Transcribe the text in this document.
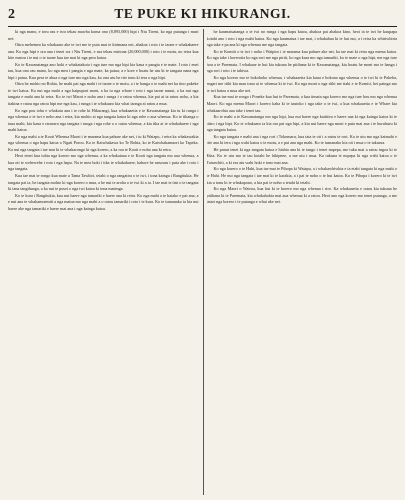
2	TE PUKE KI HIKURANGI.

ki nga mano, e toru rau e iwa tekau mawha koma ono (8,893,000) hipi i Niu Tireni, ko nga putanga i muri nei:

Otira mehemea ka whakaaro ake te iwi me te puta mai te kirimana nei, ahakoa i roto i te taone e whakahaere ana. Ko nga hipi e ora ana i tenei wa i Niu Tireni, e rua tekau miriona (20,000,000) i roto i te motu, no reira kua kite matou i te nui o te taone kua tae mai ki nga pera katoa.

Ko te Kawanatanga ano hoki e whakatakoto i nga ture mo nga hipi kia kaua e pangia e te mate. I roto i enei tau, kua ono rau mano, ko nga mea i pangia e nga mate, ka patua; a e kore e hoatu he utu ki te tangata nana nga hipi i patua. Kua pera te ahua o nga ture mo nga kau, ko ona utu he rite tonu ki tera o nga hipi.

Otira he mohio no Rohia, he mahi pai nga mahi i te taone o te motu, a i te hanga o te mahi nei ka tino pakeke te iwi katoa. Ka nui nga mahi a nga kaipupuri moni, a ka tu nga whare i roto i nga taone nunui, a ka nui nga tangata e mahi ana ki reira. Ko te iwi Maori e noho ana i runga i o ratou whenua, kia pai ai ta ratou noho, a kia tiakina e ratou nga ratou hipi me nga kau, i runga i te whakaaro kia whai taonga ai ratou a mua.

Ko nga pou tohu e whakatu ana i te rohe ki Hikurangi, kua whakaaetia e te Kawanatanga kia tu ki runga i nga whenua o te iwi e noho ana i reira, kia mohio ai nga tangata katoa ki nga rohe o aua whenua. Ko te tikanga o taua mahi, kia kaua e raruraru nga tangata i runga i nga rohe o o ratou whenua, a kia tika ai te whakahaere i nga mahi katoa.

Ko nga mahi a te Kooti Whenua Maori i te marama kua pahure ake nei, i tu ki Waiapu, i reira ka whakawakia nga whenua o nga hapu katoa o Ngati Porou. Ko te Kaiwhakawa ko Te Rohia, ko te Kaiwhakamaori ko Tapeka. Ka nui nga tangata i tae mai ki te whakarongo ki nga korero, a ka roa te Kooti e noho ana ki reira.

Heoi tenei kua tuhia nga korero mo nga whenua, a ka whakataua e te Kooti nga tangata mo aua whenua, a kua oti te wehewehe i roto i nga hapu. Na te mea hoki i tika te whakahaere, kahore he raruraru i puta ake i roto i nga tangata.

Kua tae mai te rongo kua mate a Tama Tawhiri, tetahi o nga rangatira o te iwi, i tona kainga i Rangitukia. He tangata pai ia, he tangata mohio ki nga korero o mua, a he nui te aroha o te iwi ki a ia. I tae mai te tini o te tangata ki tana tangihanga, a ka nui te pouri o nga iwi katoa ki tona matenga.

Ko te kura i Rangitukia, kua nui haere nga tamariki e haere ana ki reira. Ko nga mahi a te kaiako e pai ana, a e nui ana te whakamoemiti a nga matua mo nga mahi a o ratou tamariki i roto i te kura. Ko te tumanako ia kia nui haere ake nga tamariki e haere mai ana i nga kainga katoa.

he kaumatuatanga o te iwi no runga i nga hapu katoa, ahakoa pai ahakoa kino, heoi ia te iwi he kaupapa kotahi ano i roto i nga mahi katoa. Ko nga kaumatua i tae mai, i whakahua ki te hui nui, a i reira ka whiriwhiria nga take e pa ana ki nga whenua me nga tangata.

Ko te Komiti o te iwi i noho i Waipiro i te marama kua pahure ake nei, ka tae mai ki reira nga mema katoa. Ko nga take i korerotia ko nga rori me nga piriti, ko nga kura mo nga tamariki, ko te mate o nga hipi, me nga ture hou a te Paremata. I whakaae te hui kia tukuna he pitihana ki te Kawanatanga, kia hoatu he moni mo te hanga i nga rori i roto i te takiwa.

Ko nga korero mo te hokohoko whenua, i whakaaetia kia kaua e hokona nga whenua o te iwi ki te Pakeha, engari me riihi kia mau tonu ai te whenua ki te iwi. Ko nga moni o nga riihi me tiaki e te Komiti, hei painga mo te iwi katoa a mua ake nei.

Kua tae mai te rongo i Poneke kua hui te Paremata, a kua timata nga korero mo nga ture hou mo nga whenua Maori. Ko nga mema Maori i korero kaha ki te tautoko i nga take o te iwi, a kua whakaaetia e te Whare kia whakaarohia aua take i tenei tau.

Ko te mahi a te Kawanatanga mo nga hipi, kua nui haere nga kaititiro e haere ana ki nga kainga katoa ki te titiro i nga hipi. Ko te whakaaro ia kia ora pai nga hipi, a kia nui haere nga moni e puta mai ana i te huruhuru ki nga tangata katoa.

Ko nga tangata e mahi ana i nga rori i Tokomaru, kua tata te oti i a ratou te rori. Ko te utu mo nga kaimahi e rite ana ki tera i nga wahi katoa o te motu, a e pai ana nga mahi. Ko te tumanako kia oti i mua o te takurua.

He panui tenei ki nga tangata katoa e hiahia ana ki te tango i tenei nupepa, me tuku mai a ratou ingoa ki te Etita. Ko te utu mo te tau kotahi he hikipene, a me utu i mua. Ka tukuna te nupepa ki nga wahi katoa o te Tairawhiti, a ki era atu wahi hoki e tono mai ana.

Ko nga korero o te Hahi, kua tae mai te Pihopa ki Waiapu, a i whakawhiwhia e ia etahi tangata ki nga mahi o te Hahi. He nui nga tangata i tae mai ki te karakia, a i pai te noho o te hui katoa. Ko te Pihopa i korero ki te iwi kia u tonu ki te whakapono, a kia pai te noho a tetahi ki tetahi.

Ko nga Maori o Wairoa, kua hui ki te korero mo nga whenua i riro. Ka whakaaetia e ratou kia tukuna he pitihana ki te Paremata, kia whakahokia mai aua whenua ki a ratou. Heoi ano nga korero mo tenei putanga, a me tatari nga korero i te putanga e whai ake nei.
